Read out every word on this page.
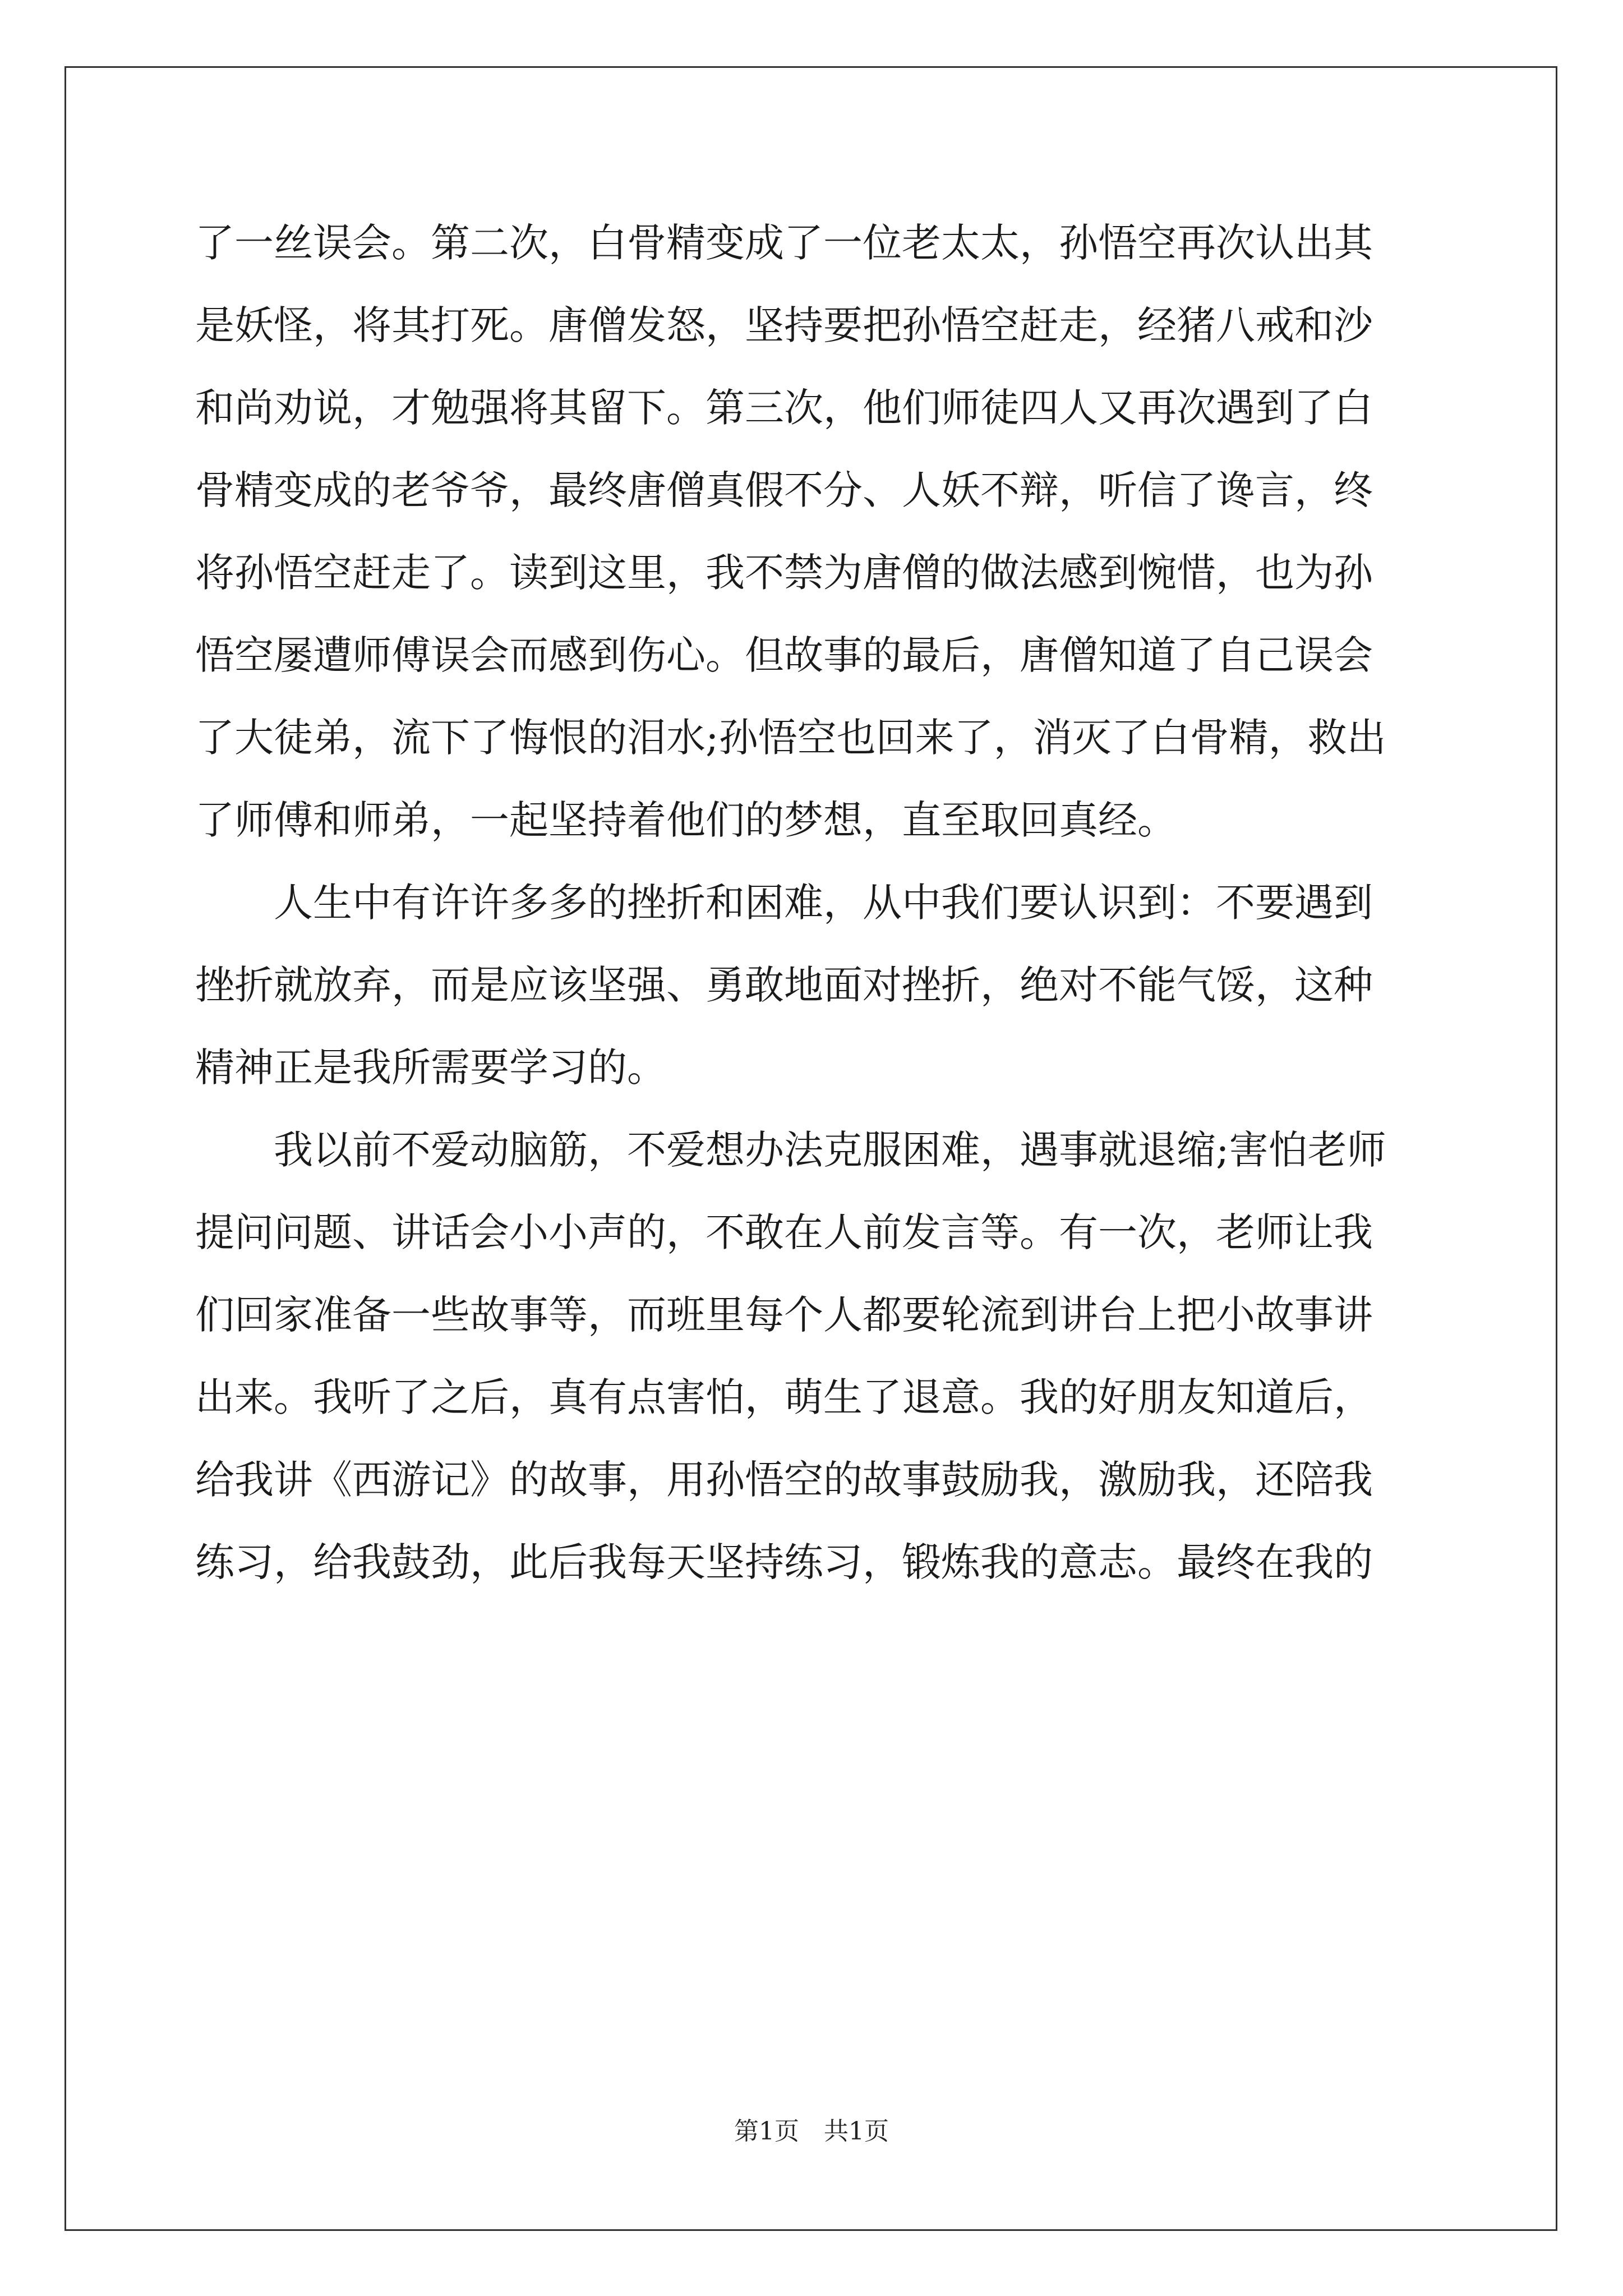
了一丝误会。第二次，白骨精变成了一位老太太，孙悟空再次认出其
是妖怪，将其打死。唐僧发怒，坚持要把孙悟空赶走，经猪八戒和沙
和尚劝说，才勉强将其留下。第三次，他们师徒四人又再次遇到了白
骨精变成的老爷爷，最终唐僧真假不分、人妖不辩，听信了谗言，终
将孙悟空赶走了。读到这里，我不禁为唐僧的做法感到惋惜，也为孙
悟空屡遭师傅误会而感到伤心。但故事的最后，唐僧知道了自己误会
了大徒弟，流下了悔恨的泪水;孙悟空也回来了，消灭了白骨精，救出
了师傅和师弟，一起坚持着他们的梦想，直至取回真经。
　　人生中有许许多多的挫折和困难，从中我们要认识到：不要遇到
挫折就放弃，而是应该坚强、勇敢地面对挫折，绝对不能气馁，这种
精神正是我所需要学习的。
　　我以前不爱动脑筋，不爱想办法克服困难，遇事就退缩;害怕老师
提问问题、讲话会小小声的，不敢在人前发言等。有一次，老师让我
们回家准备一些故事等，而班里每个人都要轮流到讲台上把小故事讲
出来。我听了之后，真有点害怕，萌生了退意。我的好朋友知道后，
给我讲《西游记》的故事，用孙悟空的故事鼓励我，激励我，还陪我
练习，给我鼓劲，此后我每天坚持练习，锻炼我的意志。最终在我的
第1页　共1页
